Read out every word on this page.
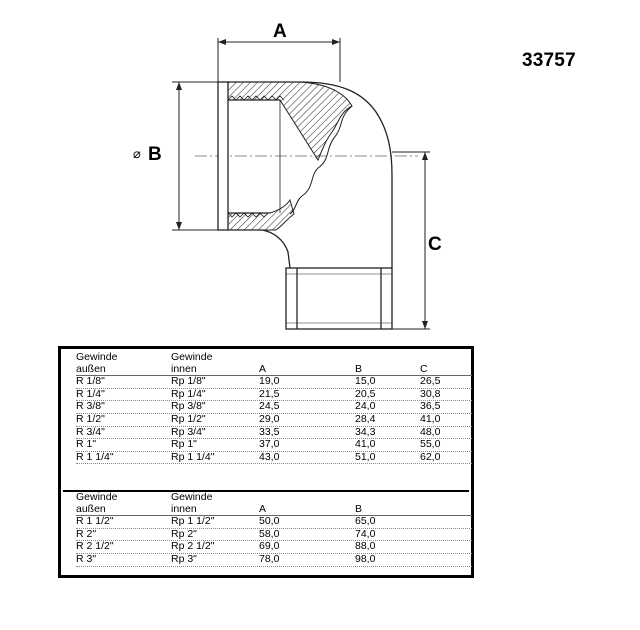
A
⌀ B
C
33757
Gewinde	Gewinde
außen	innen	A	B	C
R 1/8"	Rp 1/8"	19,0	15,0	26,5
R 1/4"	Rp 1/4"	21,5	20,5	30,8
R 3/8"	Rp 3/8"	24,5	24,0	36,5
R 1/2"	Rp 1/2"	29,0	28,4	41,0
R 3/4"	Rp 3/4"	33,5	34,3	48,0
R 1"	Rp 1"	37,0	41,0	55,0
R 1 1/4"	Rp 1 1/4"	43,0	51,0	62,0
Gewinde	Gewinde
außen	innen	A	B
R 1 1/2"	Rp 1 1/2"	50,0	65,0
R 2"	Rp 2"	58,0	74,0
R 2 1/2"	Rp 2 1/2"	69,0	88,0
R 3"	Rp 3"	78,0	98,0
